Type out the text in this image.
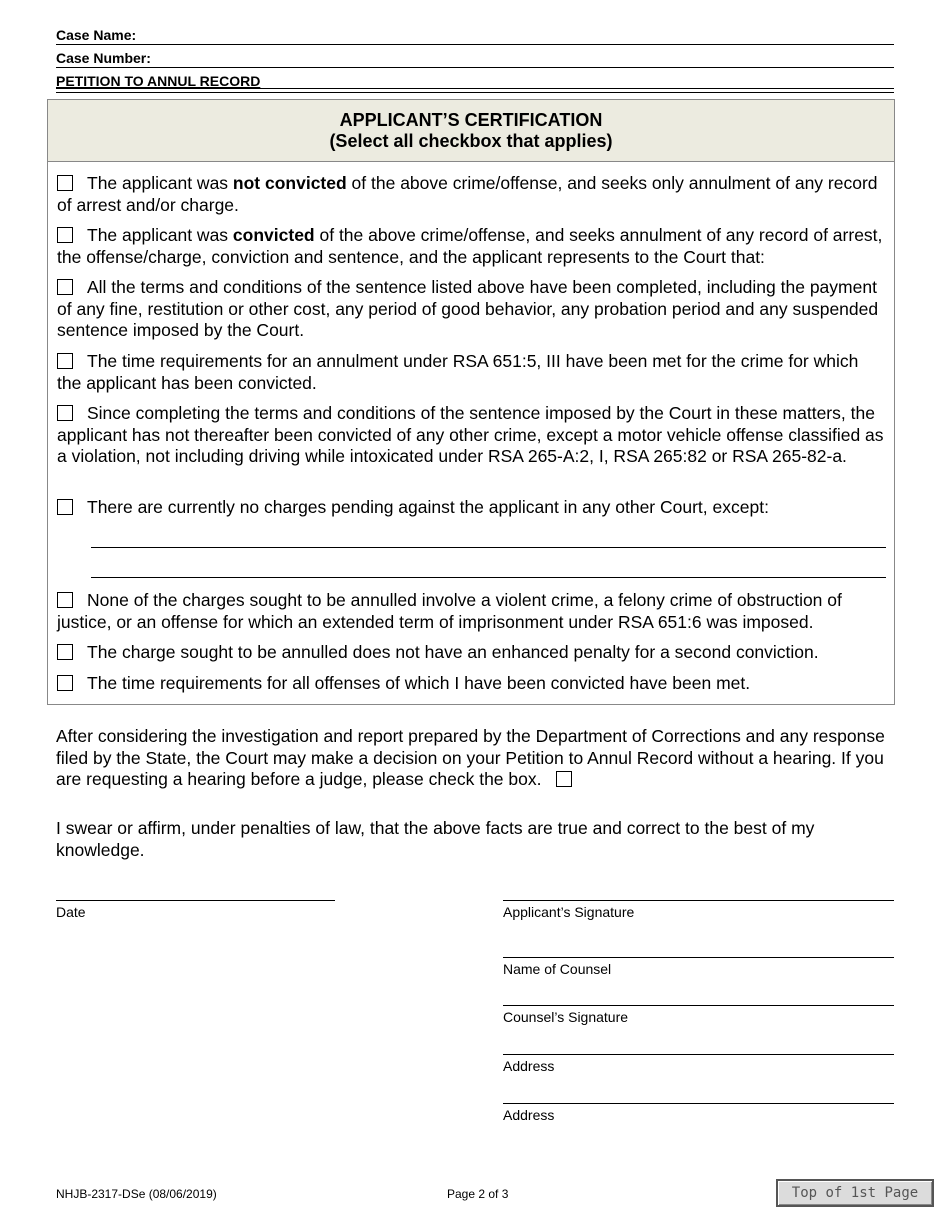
Case Name:
Case Number:
PETITION TO ANNUL RECORD
APPLICANT’S CERTIFICATION
(Select all checkbox that applies)
The applicant was not convicted of the above crime/offense, and seeks only annulment of any record of arrest and/or charge.
The applicant was convicted of the above crime/offense, and seeks annulment of any record of arrest, the offense/charge, conviction and sentence, and the applicant represents to the Court that:
All the terms and conditions of the sentence listed above have been completed, including the payment of any fine, restitution or other cost, any period of good behavior, any probation period and any suspended sentence imposed by the Court.
The time requirements for an annulment under RSA 651:5, III have been met for the crime for which the applicant has been convicted.
Since completing the terms and conditions of the sentence imposed by the Court in these matters, the applicant has not thereafter been convicted of any other crime, except a motor vehicle offense classified as a violation, not including driving while intoxicated under RSA 265-A:2, I, RSA 265:82 or RSA 265-82-a.
There are currently no charges pending against the applicant in any other Court, except:
None of the charges sought to be annulled involve a violent crime, a felony crime of obstruction of justice, or an offense for which an extended term of imprisonment under RSA 651:6 was imposed.
The charge sought to be annulled does not have an enhanced penalty for a second conviction.
The time requirements for all offenses of which I have been convicted have been met.
After considering the investigation and report prepared by the Department of Corrections and any response filed by the State, the Court may make a decision on your Petition to Annul Record without a hearing. If you are requesting a hearing before a judge, please check the box.
I swear or affirm, under penalties of law, that the above facts are true and correct to the best of my knowledge.
Date	Applicant’s Signature
Name of Counsel
Counsel’s Signature
Address
Address
NHJB-2317-DSe (08/06/2019)	Page 2 of 3	Top of 1st Page
